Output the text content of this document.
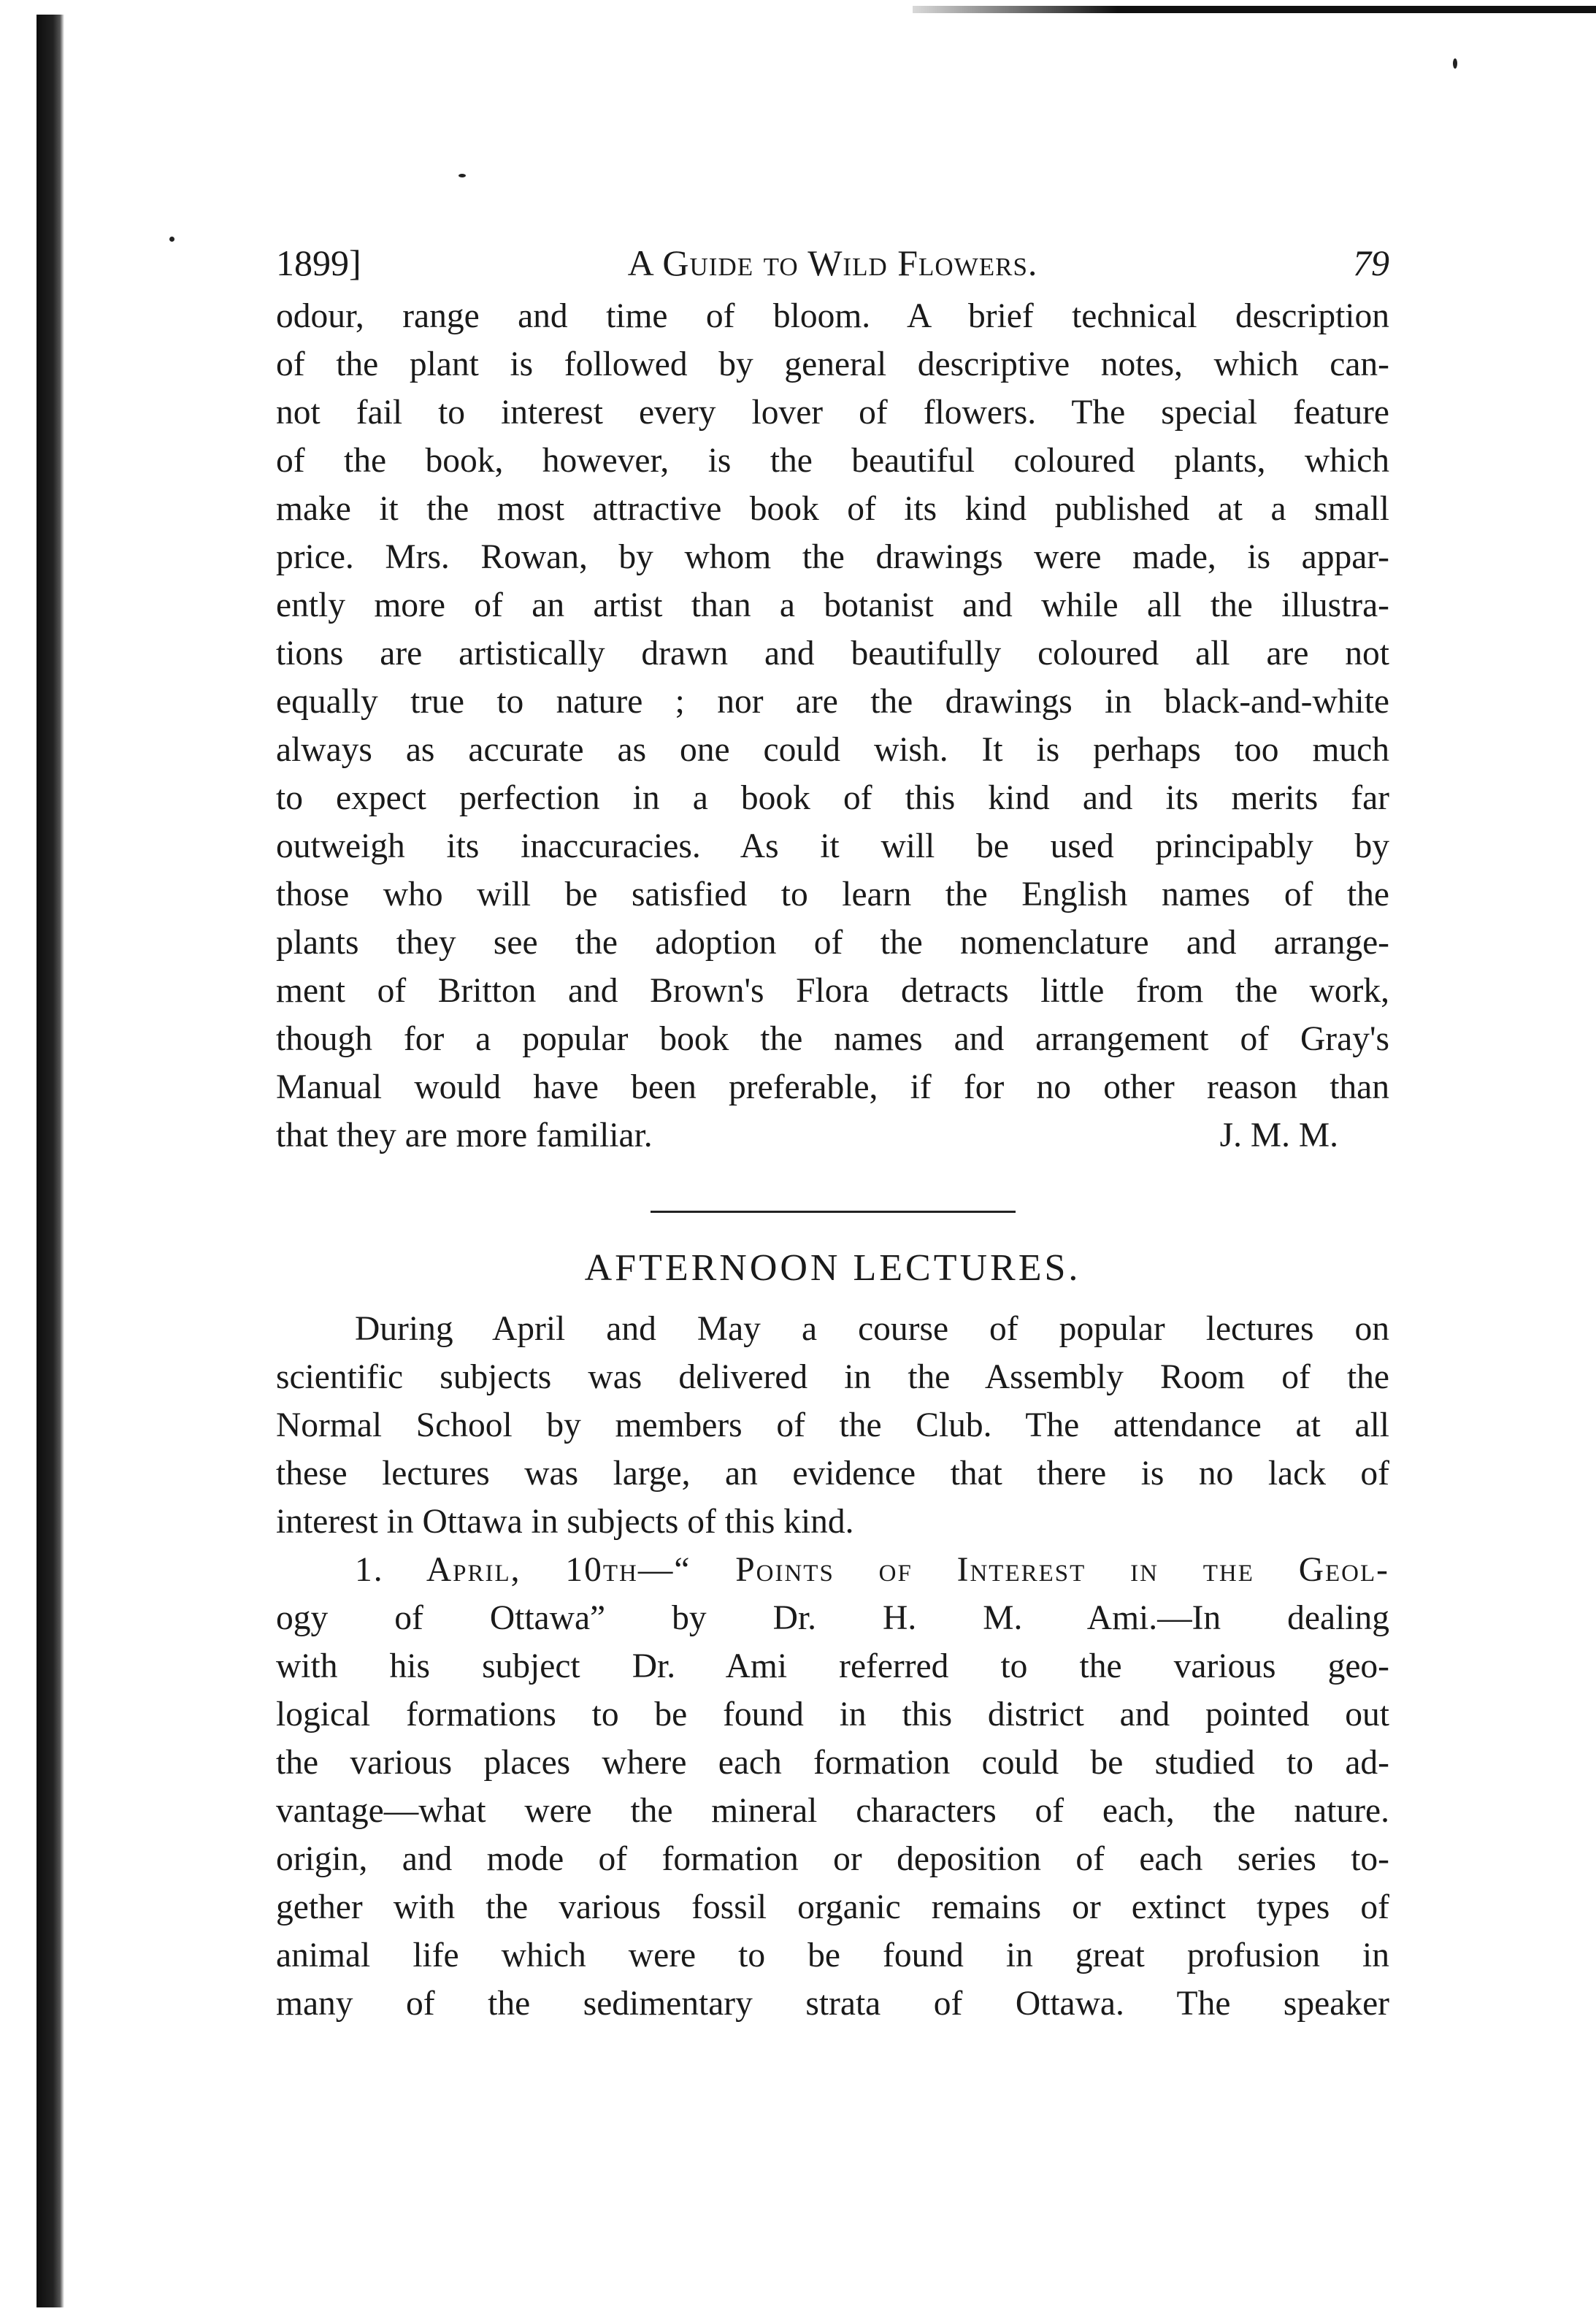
1899]	A Guide to Wild Flowers.	79

odour, range and time of bloom. A brief technical description

of the plant is followed by general descriptive notes, which can-

not fail to interest every lover of flowers. The special feature

of the book, however, is the beautiful coloured plants, which

make it the most attractive book of its kind published at a small

price. Mrs. Rowan, by whom the drawings were made, is appar-

ently more of an artist than a botanist and while all the illustra-

tions are artistically drawn and beautifully coloured all are not

equally true to nature ; nor are the drawings in black-and-white

always as accurate as one could wish. It is perhaps too much

to expect perfection in a book of this kind and its merits far

outweigh its inaccuracies. As it will be used principably by

those who will be satisfied to learn the English names of the

plants they see the adoption of the nomenclature and arrange-

ment of Britton and Brown's Flora detracts little from the work,

though for a popular book the names and arrangement of Gray's

Manual would have been preferable, if for no other reason than

that they are more familiar.	J. M. M.
AFTERNOON LECTURES.

During April and May a course of popular lectures on

scientific subjects was delivered in the Assembly Room of the

Normal School by members of the Club. The attendance at all

these lectures was large, an evidence that there is no lack of

interest in Ottawa in subjects of this kind.

1. April, 10th—“ Points of Interest in the Geol-

ogy of Ottawa” by Dr. H. M. Ami.—In dealing

with his subject Dr. Ami referred to the various geo-

logical formations to be found in this district and pointed out

the various places where each formation could be studied to ad-

vantage—what were the mineral characters of each, the nature.

origin, and mode of formation or deposition of each series to-

gether with the various fossil organic remains or extinct types of

animal life which were to be found in great profusion in

many of the sedimentary strata of Ottawa. The speaker
